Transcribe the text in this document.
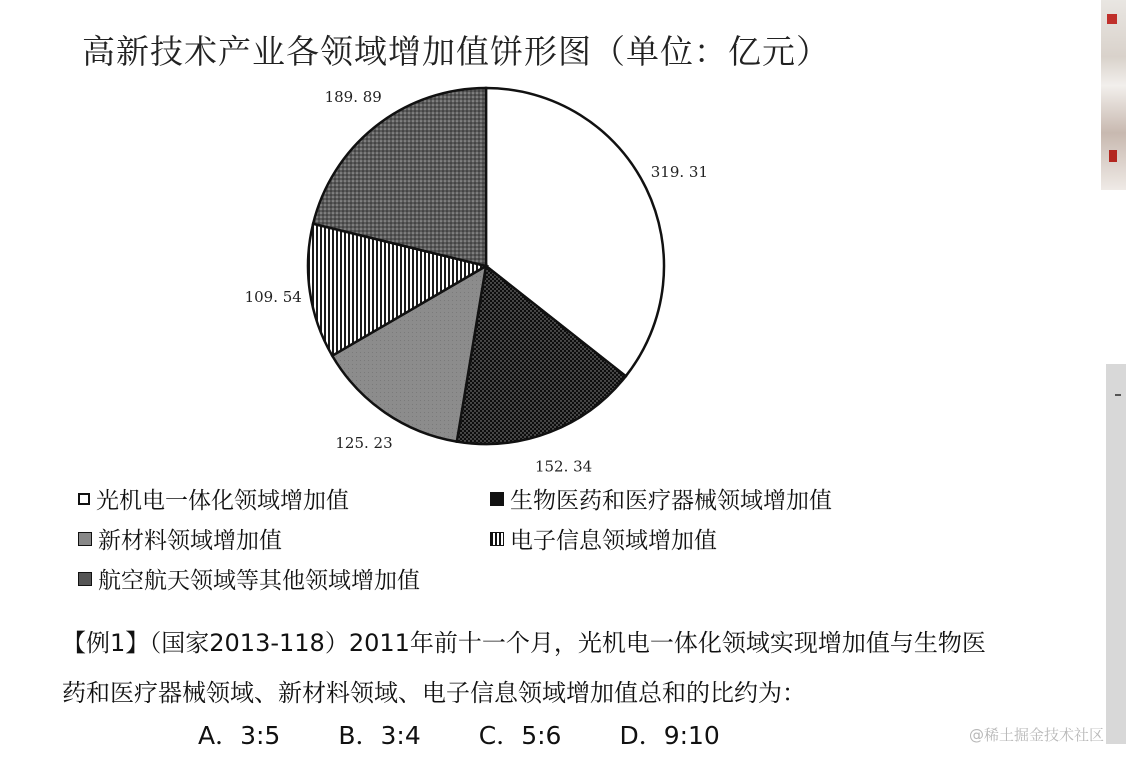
高新技术产业各领域增加值饼形图（单位：亿元）
319. 31
152. 34
125. 23
109. 54
189. 89
光机电一体化领域增加值	生物医药和医疗器械领域增加值
新材料领域增加值	电子信息领域增加值
航空航天领域等其他领域增加值
【例1】（国家2013-118）2011年前十一个月，光机电一体化领域实现增加值与生物医
药和医疗器械领域、新材料领域、电子信息领域增加值总和的比约为：
A．3:5 B．3:4 C．5:6 D．9:10	@稀土掘金技术社区
